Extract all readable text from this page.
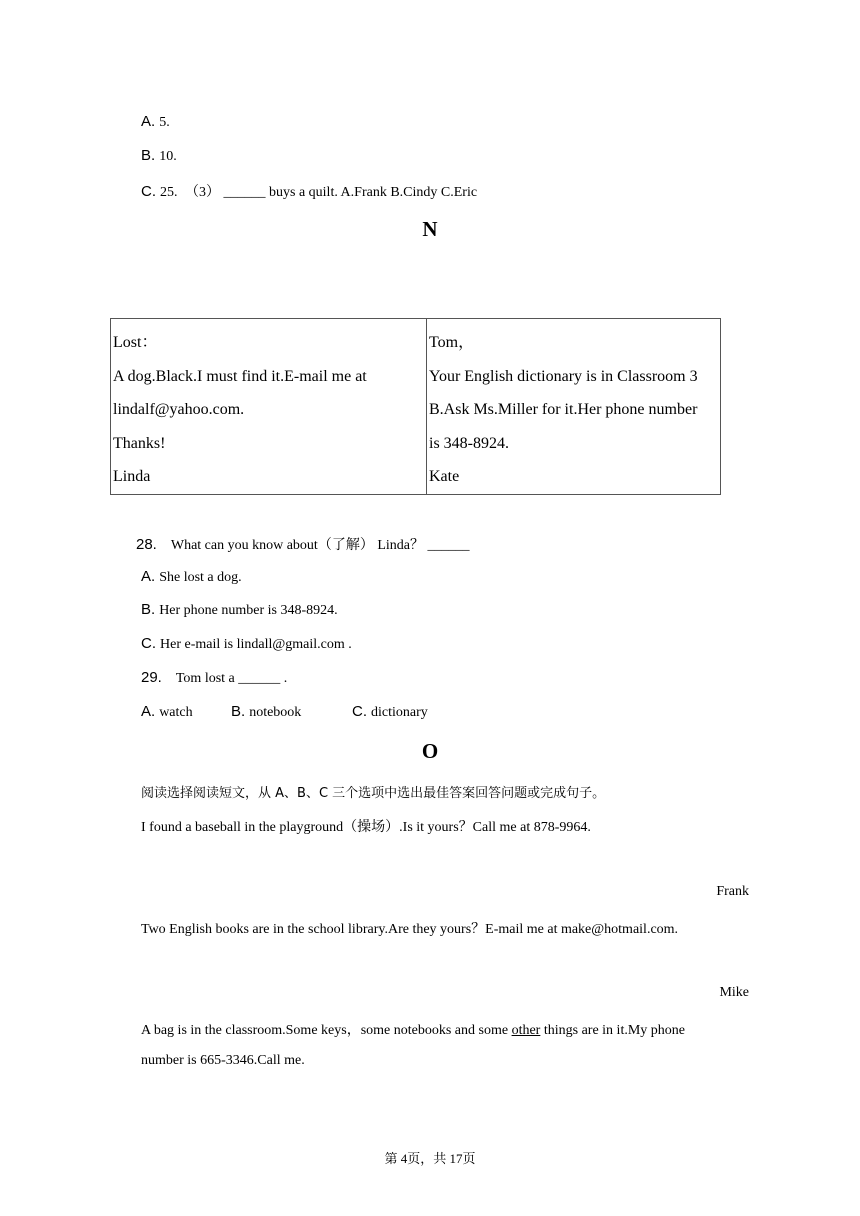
A. 5.
B. 10.
C. 25. （3） ______ buys a quilt. A.Frank B.Cindy C.Eric
N
Lost：
A dog.Black.I must find it.E-mail me at
lindalf@yahoo.com.
Thanks!
Linda

Tom，
Your English dictionary is in Classroom 3
B.Ask Ms.Miller for it.Her phone number
is 348-8924.
Kate
28. What can you know about（了解） Linda？ ______
A. She lost a dog.
B. Her phone number is 348-8924.
C. Her e-mail is lindall@gmail.com .
29. Tom lost a ______ .
A. watch	B. notebook	C. dictionary
O
阅读选择阅读短文，从 A、B、C 三个选项中选出最佳答案回答问题或完成句子。
I found a baseball in the playground（操场）.Is it yours？Call me at 878-9964.
Frank
Two English books are in the school library.Are they yours？E-mail me at make@hotmail.com.
Mike
A bag is in the classroom.Some keys，some notebooks and some other things are in it.My phone
number is 665-3346.Call me.
第 4页，共 17页
